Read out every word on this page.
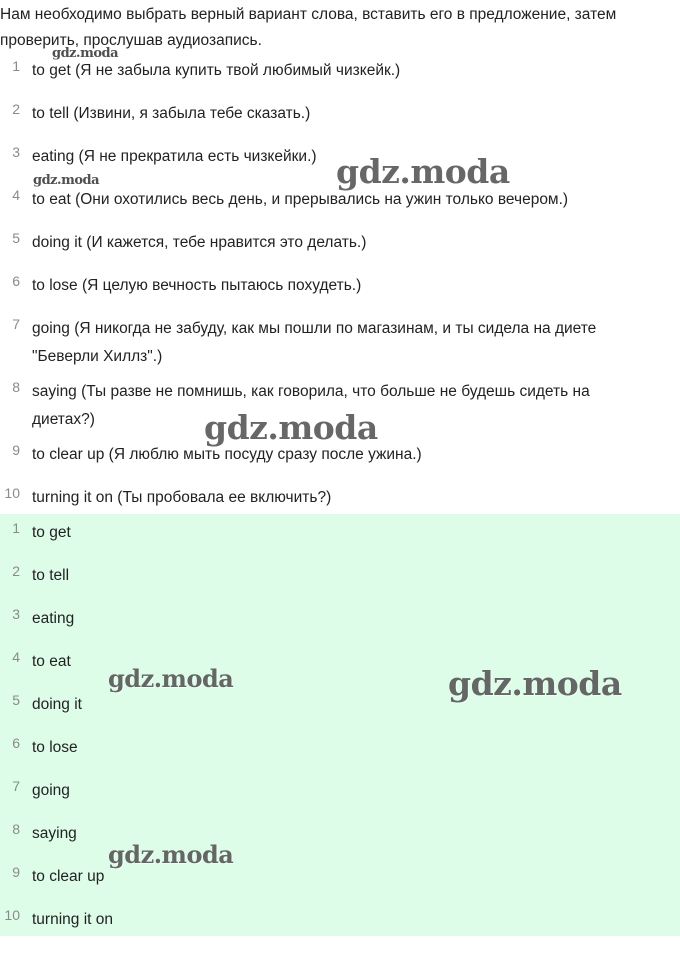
Нам необходимо выбрать верный вариант слова, вставить его в предложение, затем проверить, прослушав аудиозапись.

1 to get (Я не забыла купить твой любимый чизкейк.)
2 to tell (Извини, я забыла тебе сказать.)
3 eating (Я не прекратила есть чизкейки.)
4 to eat (Они охотились весь день, и прерывались на ужин только вечером.)
5 doing it (И кажется, тебе нравится это делать.)
6 to lose (Я целую вечность пытаюсь похудеть.)
7 going (Я никогда не забуду, как мы пошли по магазинам, и ты сидела на диете "Беверли Хиллз".)
8 saying (Ты разве не помнишь, как говорила, что больше не будешь сидеть на диетах?)
9 to clear up (Я люблю мыть посуду сразу после ужина.)
10 turning it on (Ты пробовала ее включить?)
1 to get
2 to tell
3 eating
4 to eat
5 doing it
6 to lose
7 going
8 saying
9 to clear up
10 turning it on
gdz.moda
gdz.moda
gdz.moda
gdz.moda
gdz.moda	gdz.moda
gdz.moda
